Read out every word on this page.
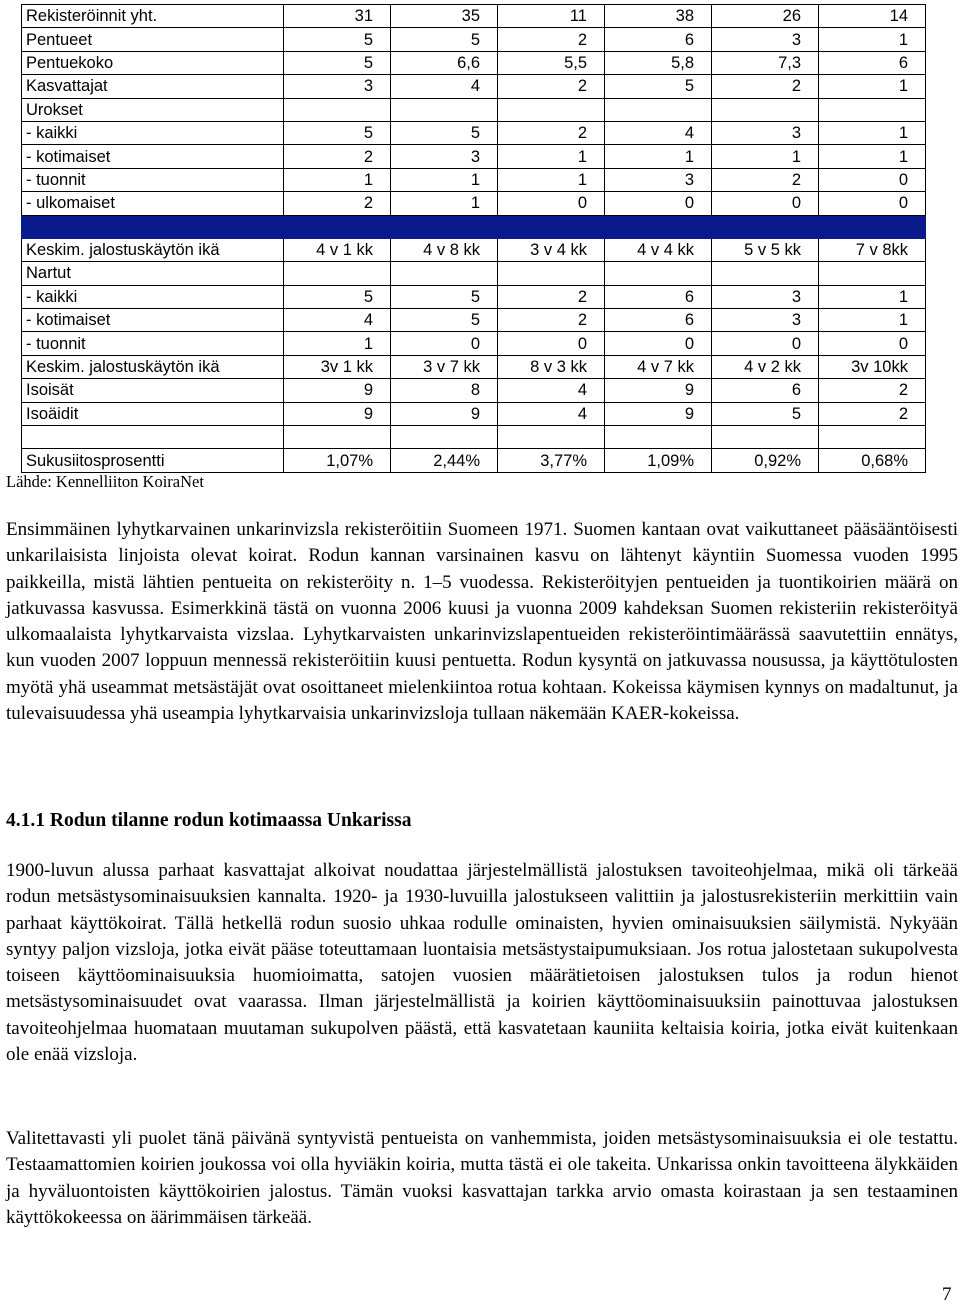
Rekisteröinnit yht.	31	35	11	38	26	14
Pentueet	5	5	2	6	3	1
Pentuekoko	5	6,6	5,5	5,8	7,3	6
Kasvattajat	3	4	2	5	2	1
Urokset						
- kaikki	5	5	2	4	3	1
- kotimaiset	2	3	1	1	1	1
- tuonnit	1	1	1	3	2	0
- ulkomaiset	2	1	0	0	0	0

Keskim. jalostuskäytön ikä	4 v 1 kk	4 v 8 kk	3 v 4 kk	4 v 4 kk	5 v 5 kk	7 v 8kk
Nartut						
- kaikki	5	5	2	6	3	1
- kotimaiset	4	5	2	6	3	1
- tuonnit	1	0	0	0	0	0
Keskim. jalostuskäytön ikä	3v 1 kk	3 v 7 kk	8 v 3 kk	4 v 7 kk	4 v 2 kk	3v 10kk
Isoisät	9	8	4	9	6	2
Isoäidit	9	9	4	9	5	2

Sukusiitosprosentti	1,07%	2,44%	3,77%	1,09%	0,92%	0,68%
Lähde: Kennelliiton KoiraNet

Ensimmäinen lyhytkarvainen unkarinvizsla rekisteröitiin Suomeen 1971. Suomen kantaan ovat vaikuttaneet pääsääntöisesti unkarilaisista linjoista olevat koirat. Rodun kannan varsinainen kasvu on lähtenyt käyntiin Suomessa vuoden 1995 paikkeilla, mistä lähtien pentueita on rekisteröity n. 1–5 vuodessa. Rekisteröityjen pentueiden ja tuontikoirien määrä on jatkuvassa kasvussa. Esimerkkinä tästä on vuonna 2006 kuusi ja vuonna 2009 kahdeksan Suomen rekisteriin rekisteröityä ulkomaalaista lyhytkarvaista vizslaa. Lyhytkarvaisten unkarinvizslapentueiden rekisteröintimäärässä saavutettiin ennätys, kun vuoden 2007 loppuun mennessä rekisteröitiin kuusi pentuetta. Rodun kysyntä on jatkuvassa nousussa, ja käyttötulosten myötä yhä useammat metsästäjät ovat osoittaneet mielenkiintoa rotua kohtaan. Kokeissa käymisen kynnys on madaltunut, ja tulevaisuudessa yhä useampia lyhytkarvaisia unkarinvizsloja tullaan näkemään KAER-kokeissa.

4.1.1 Rodun tilanne rodun kotimaassa Unkarissa

1900-luvun alussa parhaat kasvattajat alkoivat noudattaa järjestelmällistä jalostuksen tavoiteohjelmaa, mikä oli tärkeää rodun metsästysominaisuuksien kannalta. 1920- ja 1930-luvuilla jalostukseen valittiin ja jalostusrekisteriin merkittiin vain parhaat käyttökoirat. Tällä hetkellä rodun suosio uhkaa rodulle ominaisten, hyvien ominaisuuksien säilymistä. Nykyään syntyy paljon vizsloja, jotka eivät pääse toteuttamaan luontaisia metsästystaipumuksiaan. Jos rotua jalostetaan sukupolvesta toiseen käyttöominaisuuksia huomioimatta, satojen vuosien määrätietoisen jalostuksen tulos ja rodun hienot metsästysominaisuudet ovat vaarassa. Ilman järjestelmällistä ja koirien käyttöominaisuuksiin painottuvaa jalostuksen tavoiteohjelmaa huomataan muutaman sukupolven päästä, että kasvatetaan kauniita keltaisia koiria, jotka eivät kuitenkaan ole enää vizsloja.

Valitettavasti yli puolet tänä päivänä syntyvistä pentueista on vanhemmista, joiden metsästysominaisuuksia ei ole testattu. Testaamattomien koirien joukossa voi olla hyviäkin koiria, mutta tästä ei ole takeita. Unkarissa onkin tavoitteena älykkäiden ja hyväluontoisten käyttökoirien jalostus. Tämän vuoksi kasvattajan tarkka arvio omasta koirastaan ja sen testaaminen käyttökokeessa on äärimmäisen tärkeää.

7
